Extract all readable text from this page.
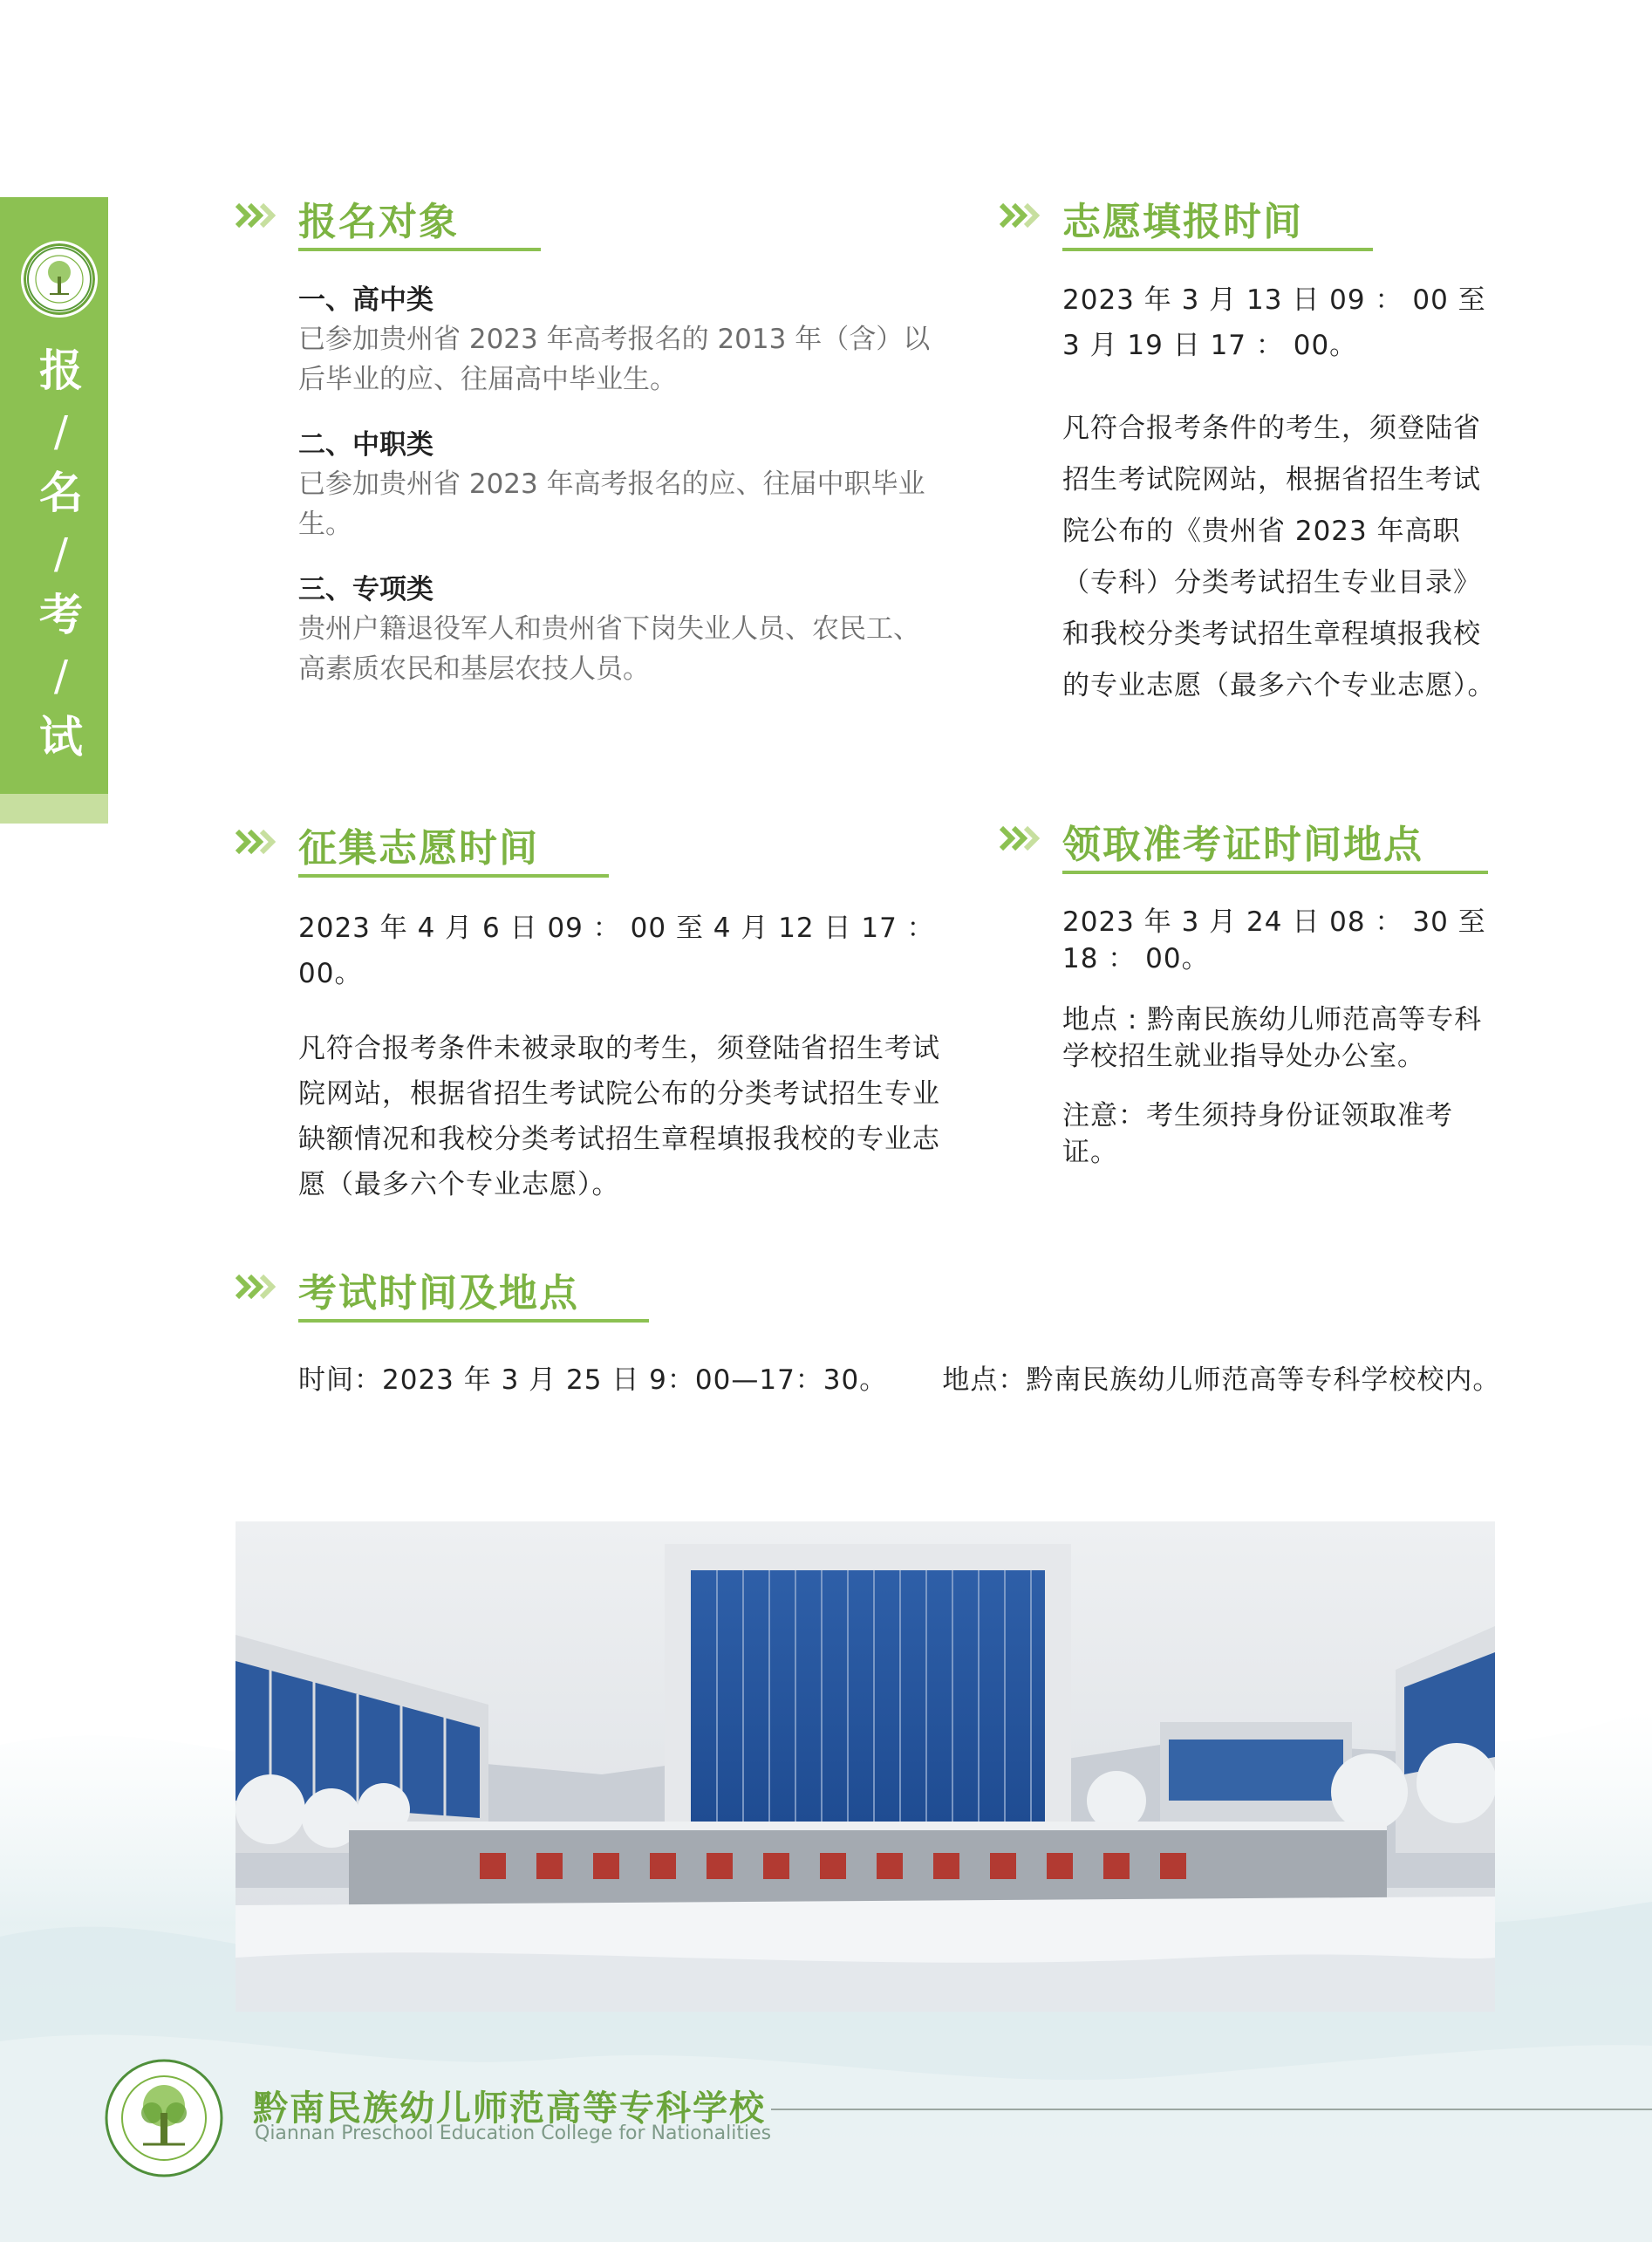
报
/
名
/
考
/
试
报名对象

一、高中类

已参加贵州省 2023 年高考报名的 2013 年（含）以后毕业的应、往届高中毕业生。

二、中职类

已参加贵州省 2023 年高考报名的应、往届中职毕业生。

三、专项类

贵州户籍退役军人和贵州省下岗失业人员、农民工、高素质农民和基层农技人员。

志愿填报时间

2023 年 3 月 13 日 09 ： 00 至 3 月 19 日 17 ： 00。

凡符合报考条件的考生，须登陆省招生考试院网站，根据省招生考试院公布的《贵州省 2023 年高职（专科）分类考试招生专业目录》和我校分类考试招生章程填报我校的专业志愿（最多六个专业志愿）。

征集志愿时间

2023 年 4 月 6 日 09 ： 00 至 4 月 12 日 17 ： 00。

凡符合报考条件未被录取的考生，须登陆省招生考试院网站，根据省招生考试院公布的分类考试招生专业缺额情况和我校分类考试招生章程填报我校的专业志愿（最多六个专业志愿）。

领取准考证时间地点

2023 年 3 月 24 日 08 ： 30 至 18 ： 00。

地点 : 黔南民族幼儿师范高等专科学校招生就业指导处办公室。

注意：考生须持身份证领取准考证。

考试时间及地点
时间：2023 年 3 月 25 日 9：00—17：30。 地点：黔南民族幼儿师范高等专科学校校内。
黔南民族幼儿师范高等专科学校
Qiannan Preschool Education College for Nationalities
